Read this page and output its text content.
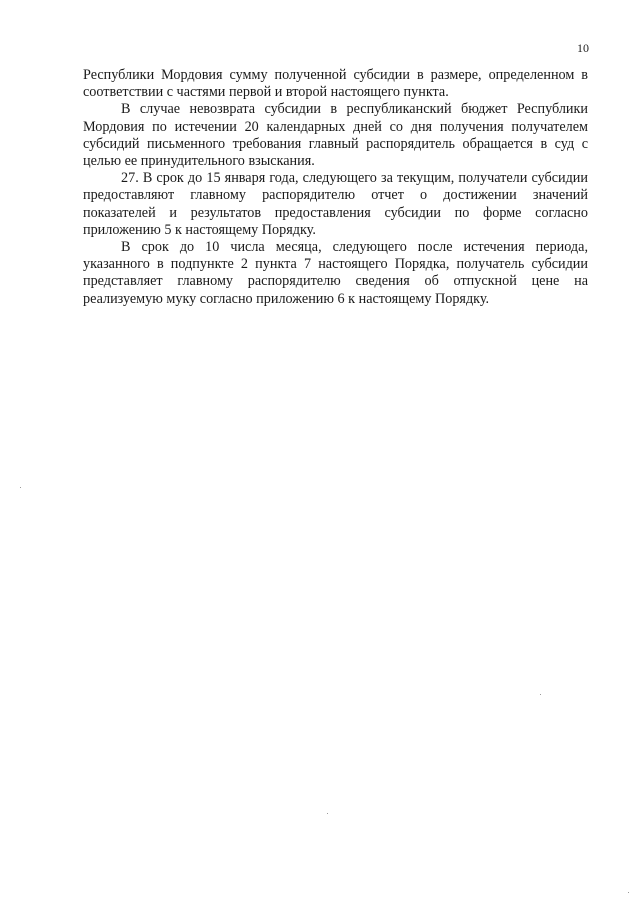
10

Республики Мордовия сумму полученной субсидии в размере, определенном в соответствии с частями первой и второй настоящего пункта.

В случае невозврата субсидии в республиканский бюджет Республики Мордовия по истечении 20 календарных дней со дня получения получателем субсидий письменного требования главный распорядитель обращается в суд с целью ее принудительного взыскания.

27. В срок до 15 января года, следующего за текущим, получатели субсидии предоставляют главному распорядителю отчет о достижении значений показателей и результатов предоставления субсидии по форме согласно приложению 5 к настоящему Порядку.

В срок до 10 числа месяца, следующего после истечения периода, указанного в подпункте 2 пункта 7 настоящего Порядка, получатель субсидии представляет главному распорядителю сведения об отпускной цене на реализуемую муку согласно приложению 6 к настоящему Порядку.
